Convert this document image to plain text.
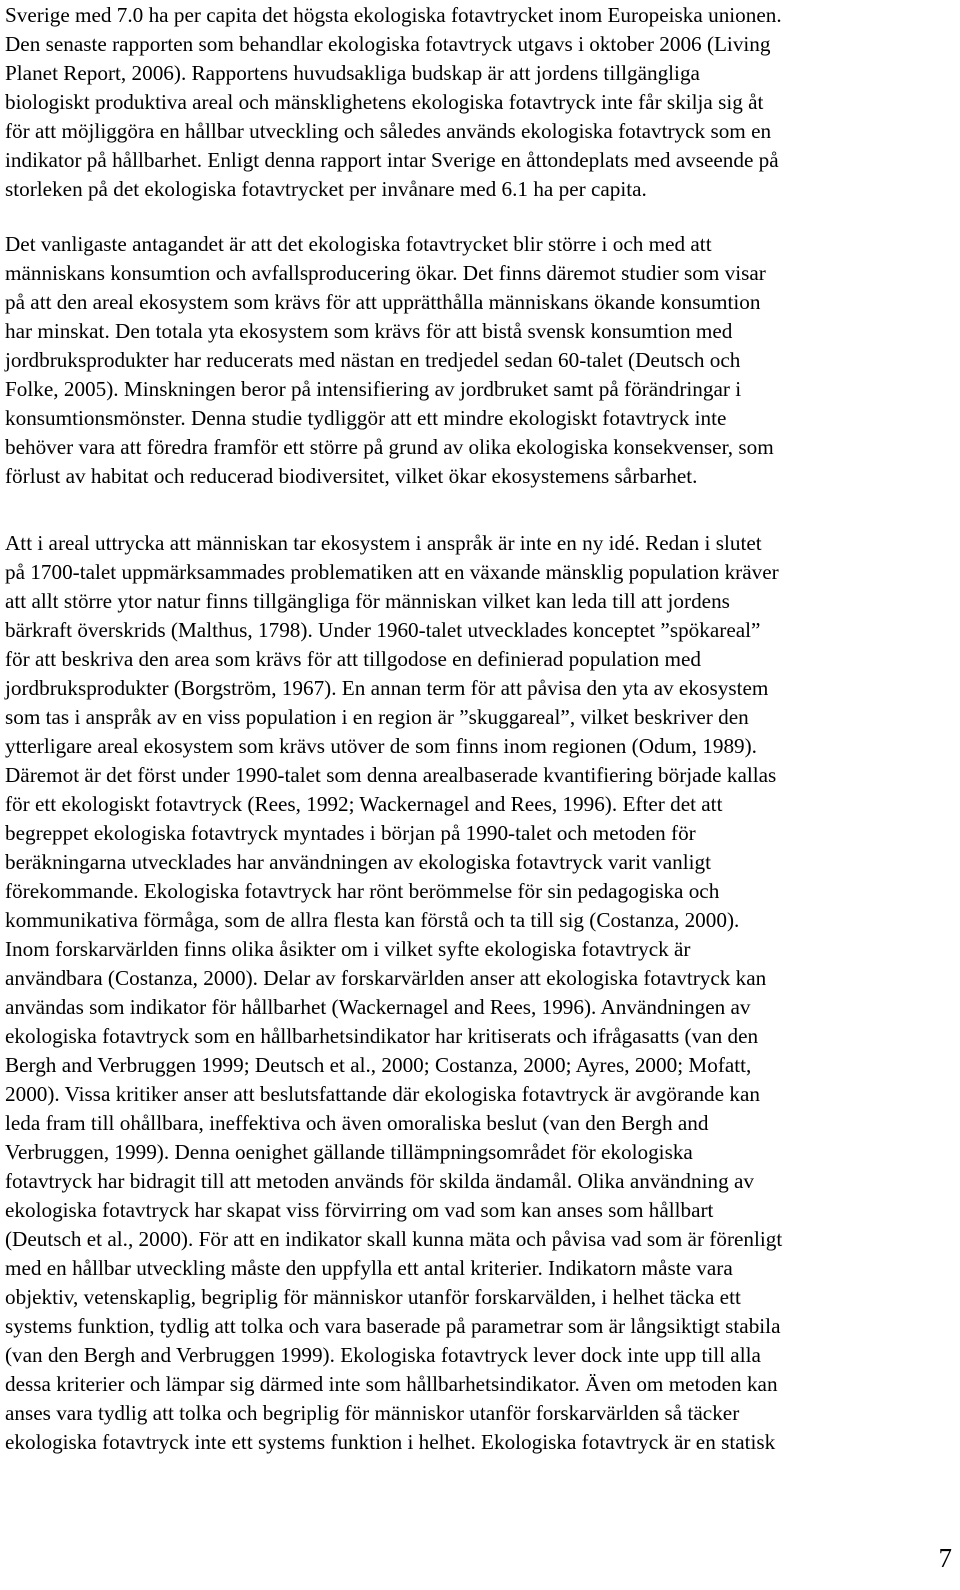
Sverige med 7.0 ha per capita det högsta ekologiska fotavtrycket inom Europeiska unionen.
Den senaste rapporten som behandlar ekologiska fotavtryck utgavs i oktober 2006 (Living
Planet Report, 2006). Rapportens huvudsakliga budskap är att jordens tillgängliga
biologiskt produktiva areal och mänsklighetens ekologiska fotavtryck inte får skilja sig åt
för att möjliggöra en hållbar utveckling och således används ekologiska fotavtryck som en
indikator på hållbarhet. Enligt denna rapport intar Sverige en åttondeplats med avseende på
storleken på det ekologiska fotavtrycket per invånare med 6.1 ha per capita.

Det vanligaste antagandet är att det ekologiska fotavtrycket blir större i och med att
människans konsumtion och avfallsproducering ökar. Det finns däremot studier som visar
på att den areal ekosystem som krävs för att upprätthålla människans ökande konsumtion
har minskat. Den totala yta ekosystem som krävs för att bistå svensk konsumtion med
jordbruksprodukter har reducerats med nästan en tredjedel sedan 60-talet (Deutsch och
Folke, 2005). Minskningen beror på intensifiering av jordbruket samt på förändringar i
konsumtionsmönster. Denna studie tydliggör att ett mindre ekologiskt fotavtryck inte
behöver vara att föredra framför ett större på grund av olika ekologiska konsekvenser, som
förlust av habitat och reducerad biodiversitet, vilket ökar ekosystemens sårbarhet.

Att i areal uttrycka att människan tar ekosystem i anspråk är inte en ny idé. Redan i slutet
på 1700-talet uppmärksammades problematiken att en växande mänsklig population kräver
att allt större ytor natur finns tillgängliga för människan vilket kan leda till att jordens
bärkraft överskrids (Malthus, 1798). Under 1960-talet utvecklades konceptet ”spökareal”
för att beskriva den area som krävs för att tillgodose en definierad population med
jordbruksprodukter (Borgström, 1967). En annan term för att påvisa den yta av ekosystem
som tas i anspråk av en viss population i en region är ”skuggareal”, vilket beskriver den
ytterligare areal ekosystem som krävs utöver de som finns inom regionen (Odum, 1989).
Däremot är det först under 1990-talet som denna arealbaserade kvantifiering började kallas
för ett ekologiskt fotavtryck (Rees, 1992; Wackernagel and Rees, 1996). Efter det att
begreppet ekologiska fotavtryck myntades i början på 1990-talet och metoden för
beräkningarna utvecklades har användningen av ekologiska fotavtryck varit vanligt
förekommande. Ekologiska fotavtryck har rönt berömmelse för sin pedagogiska och
kommunikativa förmåga, som de allra flesta kan förstå och ta till sig (Costanza, 2000).
Inom forskarvärlden finns olika åsikter om i vilket syfte ekologiska fotavtryck är
användbara (Costanza, 2000). Delar av forskarvärlden anser att ekologiska fotavtryck kan
användas som indikator för hållbarhet (Wackernagel and Rees, 1996). Användningen av
ekologiska fotavtryck som en hållbarhetsindikator har kritiserats och ifrågasatts (van den
Bergh and Verbruggen 1999; Deutsch et al., 2000; Costanza, 2000; Ayres, 2000; Mofatt,
2000). Vissa kritiker anser att beslutsfattande där ekologiska fotavtryck är avgörande kan
leda fram till ohållbara, ineffektiva och även omoraliska beslut (van den Bergh and
Verbruggen, 1999). Denna oenighet gällande tillämpningsområdet för ekologiska
fotavtryck har bidragit till att metoden används för skilda ändamål. Olika användning av
ekologiska fotavtryck har skapat viss förvirring om vad som kan anses som hållbart
(Deutsch et al., 2000). För att en indikator skall kunna mäta och påvisa vad som är förenligt
med en hållbar utveckling måste den uppfylla ett antal kriterier. Indikatorn måste vara
objektiv, vetenskaplig, begriplig för människor utanför forskarvälden, i helhet täcka ett
systems funktion, tydlig att tolka och vara baserade på parametrar som är långsiktigt stabila
(van den Bergh and Verbruggen 1999). Ekologiska fotavtryck lever dock inte upp till alla
dessa kriterier och lämpar sig därmed inte som hållbarhetsindikator. Även om metoden kan
anses vara tydlig att tolka och begriplig för människor utanför forskarvärlden så täcker
ekologiska fotavtryck inte ett systems funktion i helhet. Ekologiska fotavtryck är en statisk

7
